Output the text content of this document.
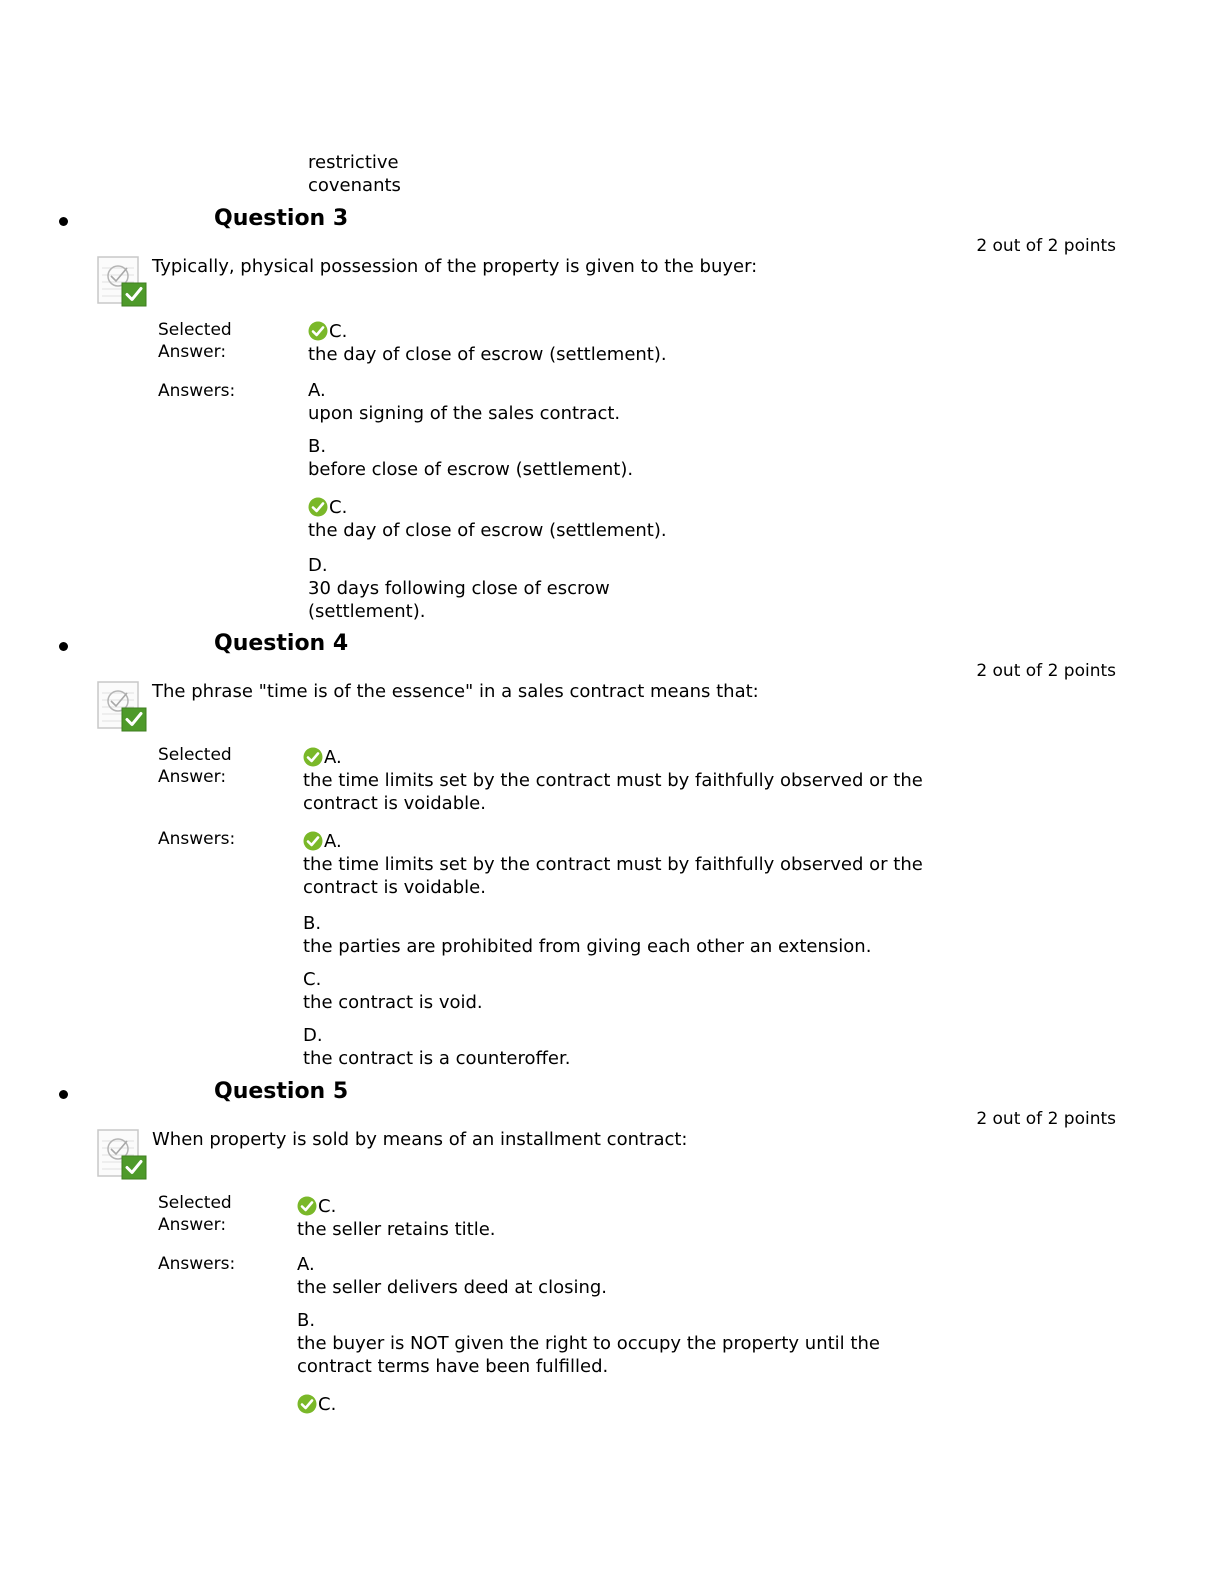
restrictive
covenants
Question 3
2 out of 2 points
Typically, physical possession of the property is given to the buyer:
Selected
Answer:
C.
the day of close of escrow (settlement).
Answers:	A.
upon signing of the sales contract.
B.
before close of escrow (settlement).
C.
the day of close of escrow (settlement).
D.
30 days following close of escrow
(settlement).
Question 4
2 out of 2 points
The phrase "time is of the essence" in a sales contract means that:
Selected
Answer:
A.
the time limits set by the contract must by faithfully observed or the
contract is voidable.
Answers:	A.
the time limits set by the contract must by faithfully observed or the
contract is voidable.
B.
the parties are prohibited from giving each other an extension.
C.
the contract is void.
D.
the contract is a counteroffer.
Question 5
2 out of 2 points
When property is sold by means of an installment contract:
Selected
Answer:
C.
the seller retains title.
Answers:	A.
the seller delivers deed at closing.
B.
the buyer is NOT given the right to occupy the property until the
contract terms have been fulfilled.
C.
